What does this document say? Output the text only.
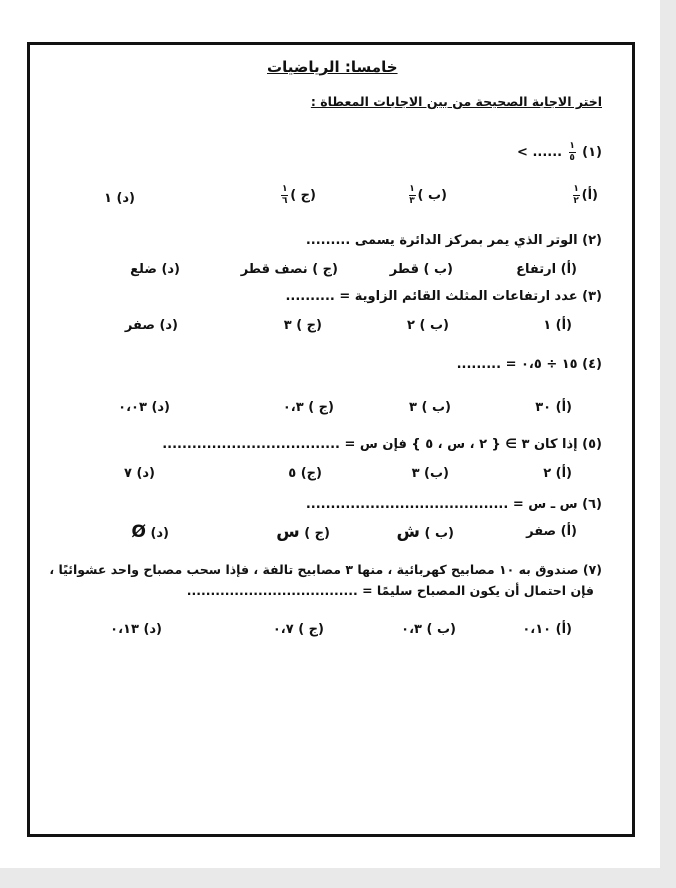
خامسا: الرياضيات
اختر الاجابة الصحيحة من بين الاجابات المعطاة :
(١)
$\frac{١}{٥}$
< ......
(أ)
$\frac{١}{٢}$
(ب )
$\frac{١}{٣}$
(ج )
$\frac{١}{٦}$
(د) ١
(٢) الوتر الذي يمر بمركز الدائرة يسمى .........
(أ) ارتفاع
(ب ) قطر
(ج ) نصف قطر
(د) ضلع
(٣) عدد ارتفاعات المثلث القائم الزاوية = ..........
(أ) ١
(ب ) ٢
(ج ) ٣
(د) صفر
(٤) ١٥ ÷ ٠،٥ = .........
(أ) ٣٠
(ب ) ٣
(ج ) ٠،٣
(د) ٠،٠٣
(٥) إذا كان ٣ ∋ { ٢ ، س ، ٥ } فإن س = ....................................
(أ) ٢
(ب) ٣
(ج) ٥
(د) ٧
(٦) س ـ س = .........................................
(أ) صفر
(ب ) ش
(ج ) س
(د) Ø
(٧) صندوق به ١٠ مصابيح كهربائية ، منها ٣ مصابيح تالفة ، فإذا سحب مصباح واحد عشوائيًا ،
فإن احتمال أن يكون المصباح سليمًا = ....................................
(أ) ٠،١٠
(ب ) ٠،٣
(ج ) ٠،٧
(د) ٠،١٣
